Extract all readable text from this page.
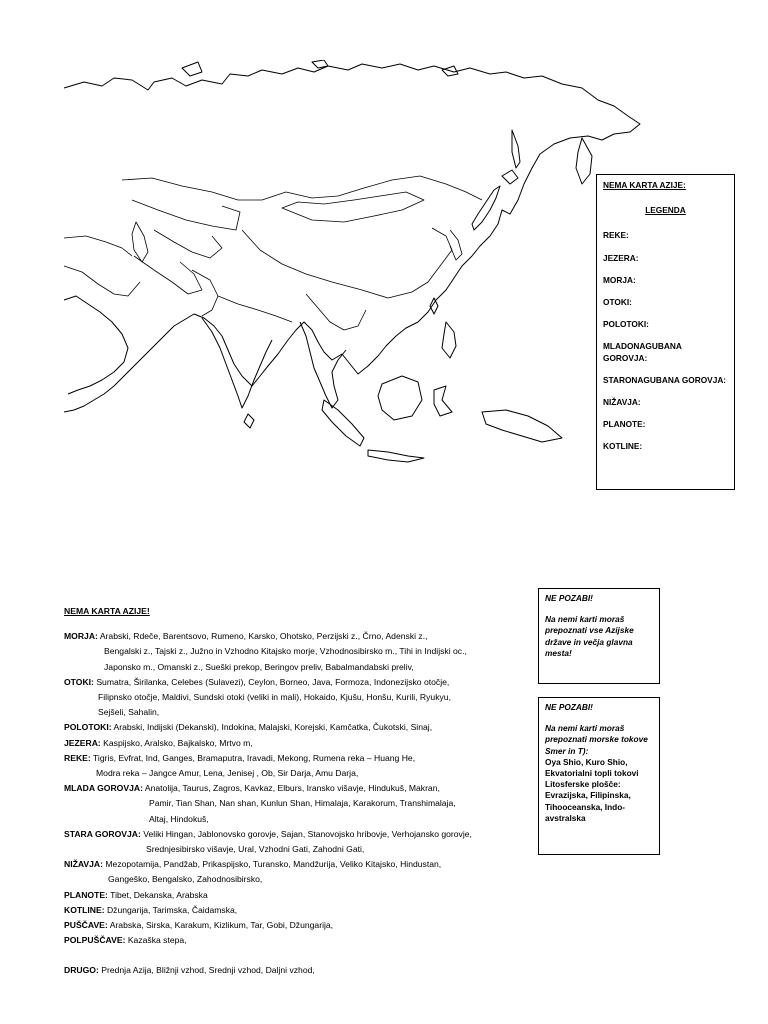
NEMA KARTA AZIJE:
LEGENDA
REKE:
JEZERA:
MORJA:
OTOKI:
POLOTOKI:
MLADONAGUBANA GOROVJA:
STARONAGUBANA GOROVJA:
NIŽAVJA:
PLANOTE:
KOTLINE:
NE POZABI!
Na nemi karti moraš prepoznati vse Azijske države in večja glavna mesta!
NE POZABI!
Na nemi karti moraš prepoznati morske tokove Smer in T):
Oya Shio, Kuro Shio,
Ekvatorialni topli tokovi
Litosferske plošče:
Evrazijska, Filipinska,
Tihooceanska, Indo-
avstralska
NEMA KARTA AZIJE!
MORJA: Arabski, Rdeče, Barentsovo, Rumeno, Karsko, Ohotsko, Perzijski z., Črno, Adenski z.,
Bengalski z., Tajski z., Južno in Vzhodno Kitajsko morje, Vzhodnosibirsko m., Tihi in Indijski oc.,
Japonsko m., Omanski z., Sueški prekop, Beringov preliv, Babalmandabski preliv,
OTOKI: Sumatra, Širilanka, Celebes (Sulavezi), Ceylon, Borneo, Java, Formoza, Indonezijsko otočje,
Filipnsko otočje, Maldivi, Sundski otoki (veliki in mali), Hokaido, Kjušu, Honšu, Kurili, Ryukyu,
Sejšeli, Sahalin,
POLOTOKI: Arabski, Indijski (Dekanski), Indokina, Malajski, Korejski, Kamčatka, Čukotski, Sinaj,
JEZERA: Kaspijsko, Aralsko, Bajkalsko, Mrtvo m,
REKE: Tigris, Evfrat, Ind, Ganges, Bramaputra, Iravadi, Mekong, Rumena reka – Huang He,
Modra reka – Jangce Amur, Lena, Jenisej , Ob, Sir Darja, Amu Darja,
MLADA GOROVJA: Anatolija, Taurus, Zagros, Kavkaz, Elburs, Iransko višavje, Hindukuš, Makran,
Pamir, Tian Shan, Nan shan, Kunlun Shan, Himalaja, Karakorum, Transhimalaja,
Altaj, Hindokuš,
STARA GOROVJA: Veliki Hingan, Jablonovsko gorovje, Sajan, Stanovojsko hribovje, Verhojansko gorovje,
Srednjesibirsko višavje, Ural, Vzhodni Gati, Zahodni Gati,
NIŽAVJA: Mezopotamija, Pandžab, Prikaspijsko, Turansko, Mandžurija, Veliko Kitajsko, Hindustan,
Gangeško, Bengalsko, Zahodnosibirsko,
PLANOTE: Tibet, Dekanska, Arabska
KOTLINE: Džungarija, Tarimska, Čaidamska,
PUŠČAVE: Arabska, Sirska, Karakum, Kizlikum, Tar, Gobi, Džungarija,
POLPUŠČAVE: Kazaška stepa,
DRUGO: Prednja Azija, Bližnji vzhod, Srednji vzhod, Daljni vzhod,
